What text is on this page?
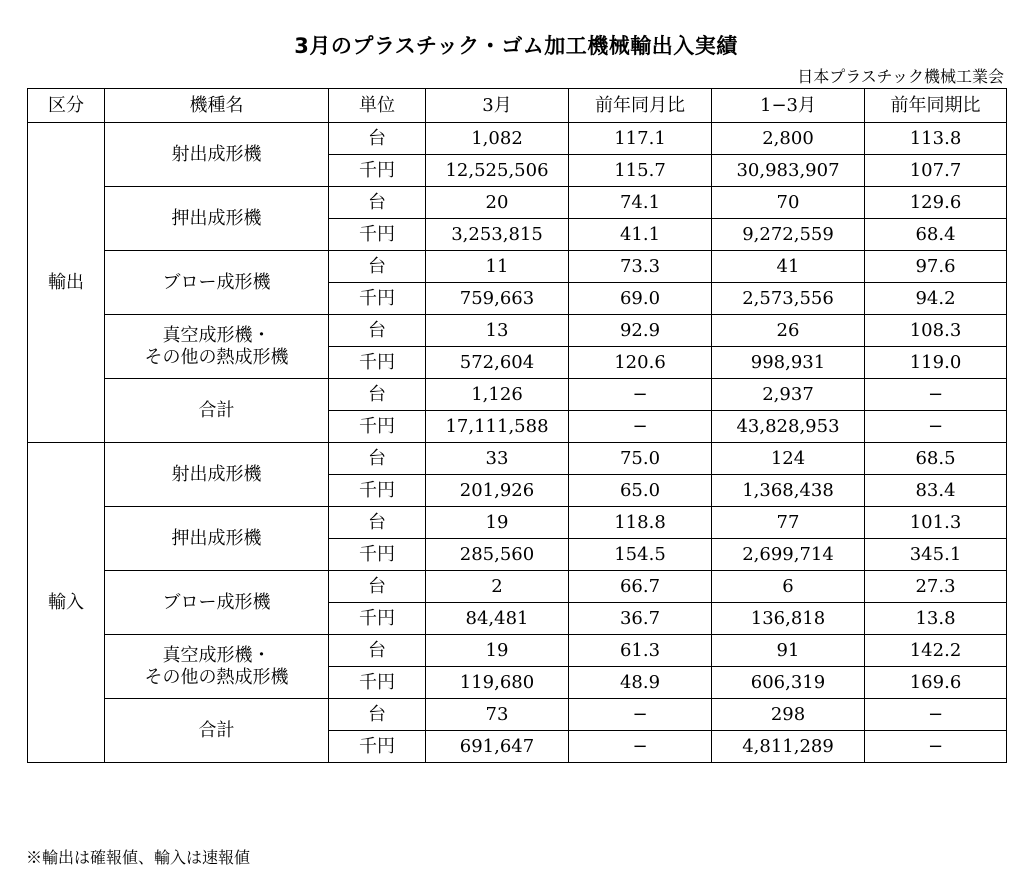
3月のプラスチック・ゴム加工機械輸出入実績
日本プラスチック機械工業会
区分	機種名	単位	3月	前年同月比	1−3月	前年同期比
輸出	射出成形機	台	1,082	117.1	2,800	113.8
		千円	12,525,506	115.7	30,983,907	107.7

	押出成形機	台	20	74.1	70	129.6
		千円	3,253,815	41.1	9,272,559	68.4

	ブロー成形機	台	11	73.3	41	97.6
		千円	759,663	69.0	2,573,556	94.2

	真空成形機・
その他の熱成形機	台	13	92.9	26	108.3
		千円	572,604	120.6	998,931	119.0

	合計	台	1,126	−	2,937	−
		千円	17,111,588	−	43,828,953	−
輸入	射出成形機	台	33	75.0	124	68.5
		千円	201,926	65.0	1,368,438	83.4

	押出成形機	台	19	118.8	77	101.3
		千円	285,560	154.5	2,699,714	345.1

	ブロー成形機	台	2	66.7	6	27.3
		千円	84,481	36.7	136,818	13.8

	真空成形機・
その他の熱成形機	台	19	61.3	91	142.2
		千円	119,680	48.9	606,319	169.6

	合計	台	73	−	298	−
		千円	691,647	−	4,811,289	−
※輸出は確報値、輸入は速報値
